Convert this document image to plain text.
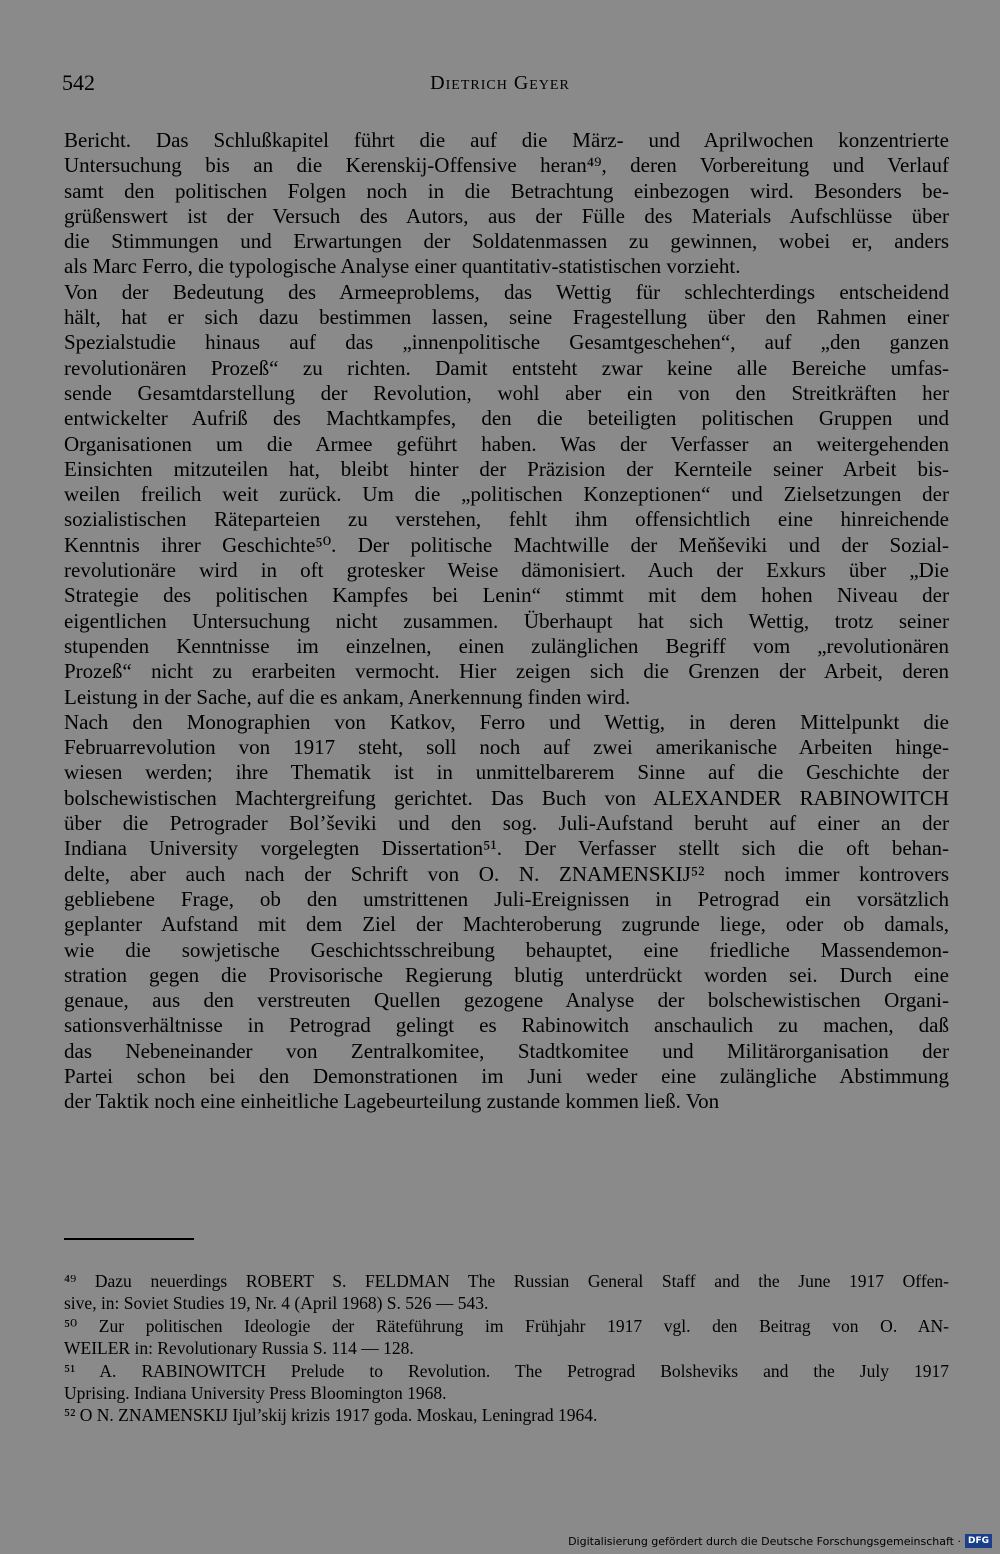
542	Dietrich Geyer
Bericht. Das Schlußkapitel führt die auf die März- und Aprilwochen konzentrierte
Untersuchung bis an die Kerenskij-Offensive heran⁴⁹, deren Vorbereitung und Verlauf
samt den politischen Folgen noch in die Betrachtung einbezogen wird. Besonders be-
grüßenswert ist der Versuch des Autors, aus der Fülle des Materials Aufschlüsse über
die Stimmungen und Erwartungen der Soldatenmassen zu gewinnen, wobei er, anders
als Marc Ferro, die typologische Analyse einer quantitativ-statistischen vorzieht.
Von der Bedeutung des Armeeproblems, das Wettig für schlechterdings entscheidend
hält, hat er sich dazu bestimmen lassen, seine Fragestellung über den Rahmen einer
Spezialstudie hinaus auf das „innenpolitische Gesamtgeschehen“, auf „den ganzen
revolutionären Prozeß“ zu richten. Damit entsteht zwar keine alle Bereiche umfas-
sende Gesamtdarstellung der Revolution, wohl aber ein von den Streitkräften her
entwickelter Aufriß des Machtkampfes, den die beteiligten politischen Gruppen und
Organisationen um die Armee geführt haben. Was der Verfasser an weitergehenden
Einsichten mitzuteilen hat, bleibt hinter der Präzision der Kernteile seiner Arbeit bis-
weilen freilich weit zurück. Um die „politischen Konzeptionen“ und Zielsetzungen der
sozialistischen Räteparteien zu verstehen, fehlt ihm offensichtlich eine hinreichende
Kenntnis ihrer Geschichte⁵⁰. Der politische Machtwille der Men̆ševiki und der Sozial-
revolutionäre wird in oft grotesker Weise dämonisiert. Auch der Exkurs über „Die
Strategie des politischen Kampfes bei Lenin“ stimmt mit dem hohen Niveau der
eigentlichen Untersuchung nicht zusammen. Überhaupt hat sich Wettig, trotz seiner
stupenden Kenntnisse im einzelnen, einen zulänglichen Begriff vom „revolutionären
Prozeß“ nicht zu erarbeiten vermocht. Hier zeigen sich die Grenzen der Arbeit, deren
Leistung in der Sache, auf die es ankam, Anerkennung finden wird.
Nach den Monographien von Katkov, Ferro und Wettig, in deren Mittelpunkt die
Februarrevolution von 1917 steht, soll noch auf zwei amerikanische Arbeiten hinge-
wiesen werden; ihre Thematik ist in unmittelbarerem Sinne auf die Geschichte der
bolschewistischen Machtergreifung gerichtet. Das Buch von ALEXANDER RABINOWITCH
über die Petrograder Bol’ševiki und den sog. Juli-Aufstand beruht auf einer an der
Indiana University vorgelegten Dissertation⁵¹. Der Verfasser stellt sich die oft behan-
delte, aber auch nach der Schrift von O. N. ZNAMENSKIJ⁵² noch immer kontrovers
gebliebene Frage, ob den umstrittenen Juli-Ereignissen in Petrograd ein vorsätzlich
geplanter Aufstand mit dem Ziel der Machteroberung zugrunde liege, oder ob damals,
wie die sowjetische Geschichtsschreibung behauptet, eine friedliche Massendemon-
stration gegen die Provisorische Regierung blutig unterdrückt worden sei. Durch eine
genaue, aus den verstreuten Quellen gezogene Analyse der bolschewistischen Organi-
sationsverhältnisse in Petrograd gelingt es Rabinowitch anschaulich zu machen, daß
das Nebeneinander von Zentralkomitee, Stadtkomitee und Militärorganisation der
Partei schon bei den Demonstrationen im Juni weder eine zulängliche Abstimmung
der Taktik noch eine einheitliche Lagebeurteilung zustande kommen ließ. Von
⁴⁹ Dazu neuerdings ROBERT S. FELDMAN The Russian General Staff and the June 1917 Offen-
sive, in: Soviet Studies 19, Nr. 4 (April 1968) S. 526 — 543.
⁵⁰ Zur politischen Ideologie der Räteführung im Frühjahr 1917 vgl. den Beitrag von O. AN-
WEILER in: Revolutionary Russia S. 114 — 128.
⁵¹ A. RABINOWITCH Prelude to Revolution. The Petrograd Bolsheviks and the July 1917
Uprising. Indiana University Press Bloomington 1968.
⁵² O N. ZNAMENSKIJ Ijul’skij krizis 1917 goda. Moskau, Leningrad 1964.
Digitalisierung gefördert durch die Deutsche Forschungsgemeinschaft · DFG
